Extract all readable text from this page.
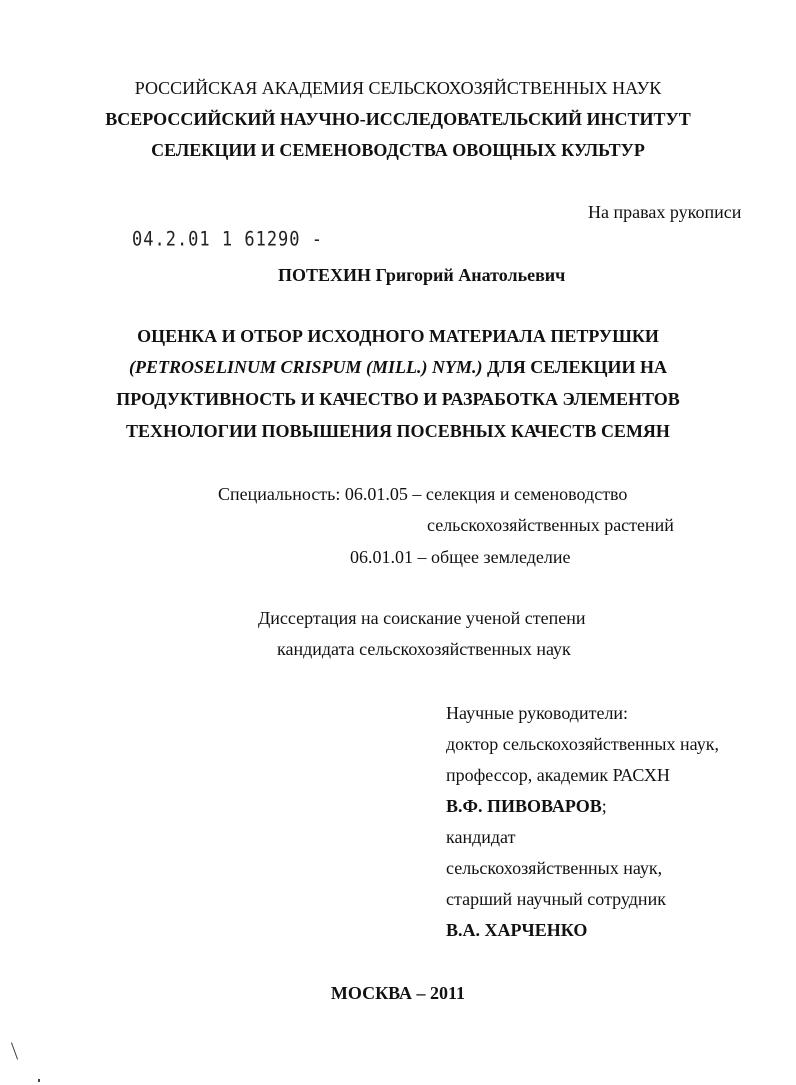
РОССИЙСКАЯ АКАДЕМИЯ СЕЛЬСКОХОЗЯЙСТВЕННЫХ НАУК
ВСЕРОССИЙСКИЙ НАУЧНО-ИССЛЕДОВАТЕЛЬСКИЙ ИНСТИТУТ
СЕЛЕКЦИИ И СЕМЕНОВОДСТВА ОВОЩНЫХ КУЛЬТУР
На правах рукописи
04.2.01 1 61290 -
ПОТЕХИН Григорий Анатольевич
ОЦЕНКА И ОТБОР ИСХОДНОГО МАТЕРИАЛА ПЕТРУШКИ
(PETROSELINUM CRISPUM (MILL.) NYM.) ДЛЯ СЕЛЕКЦИИ НА
ПРОДУКТИВНОСТЬ И КАЧЕСТВО И РАЗРАБОТКА ЭЛЕМЕНТОВ
ТЕХНОЛОГИИ ПОВЫШЕНИЯ ПОСЕВНЫХ КАЧЕСТВ СЕМЯН
Специальность: 06.01.05 – селекция и семеноводство
сельскохозяйственных растений
06.01.01 – общее земледелие
Диссертация на соискание ученой степени
кандидата сельскохозяйственных наук
Научные руководители:
доктор сельскохозяйственных наук,
профессор, академик РАСХН
В.Ф. ПИВОВАРОВ;
кандидат
сельскохозяйственных наук,
старший научный сотрудник
В.А. ХАРЧЕНКО
МОСКВА – 2011
